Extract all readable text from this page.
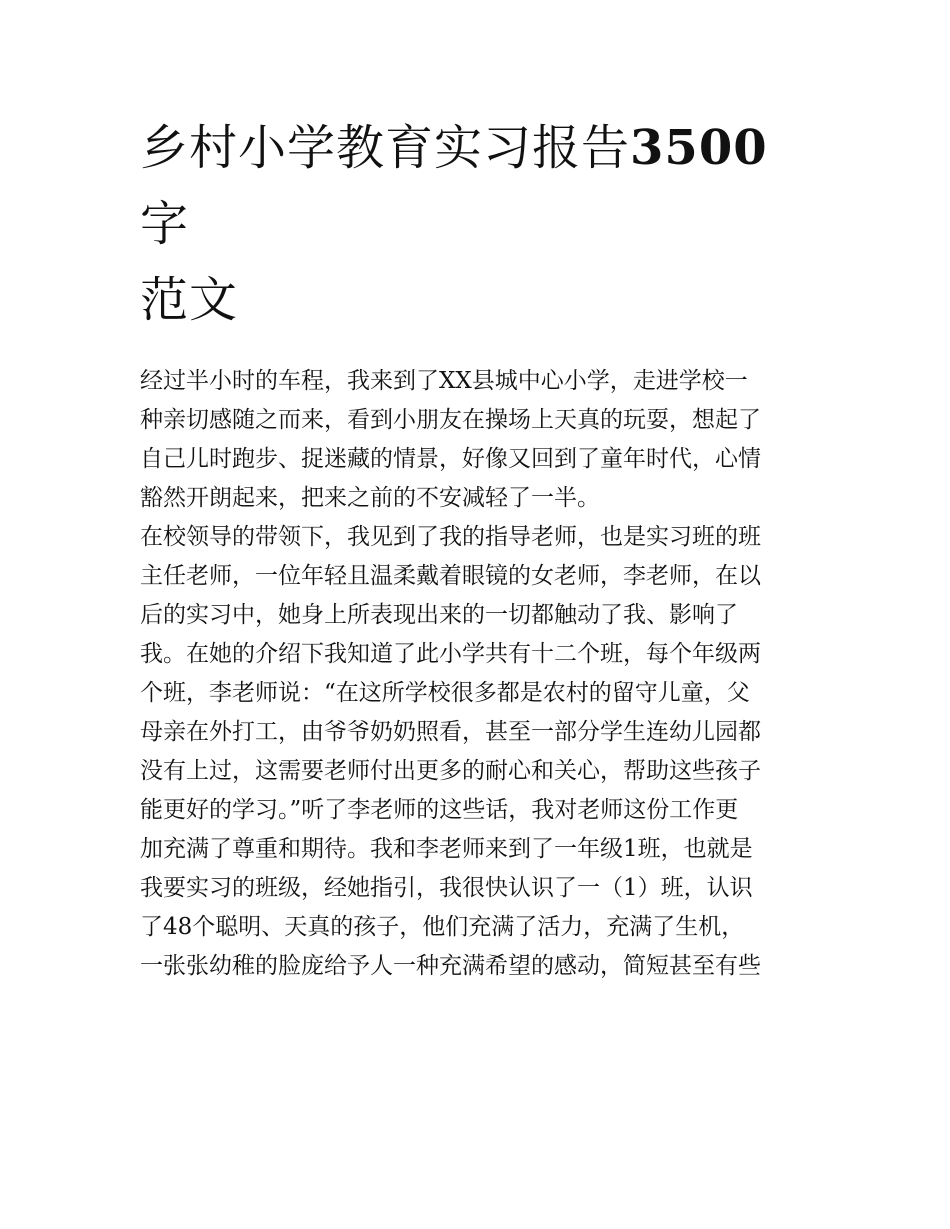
乡村小学教育实习报告3500字
范文
经过半小时的车程，我来到了XX县城中心小学，走进学校一
种亲切感随之而来，看到小朋友在操场上天真的玩耍，想起了
自己儿时跑步、捉迷藏的情景，好像又回到了童年时代，心情
豁然开朗起来，把来之前的不安减轻了一半。
在校领导的带领下，我见到了我的指导老师，也是实习班的班
主任老师，一位年轻且温柔戴着眼镜的女老师，李老师，在以
后的实习中，她身上所表现出来的一切都触动了我、影响了
我。在她的介绍下我知道了此小学共有十二个班，每个年级两
个班，李老师说：“在这所学校很多都是农村的留守儿童，父
母亲在外打工，由爷爷奶奶照看，甚至一部分学生连幼儿园都
没有上过，这需要老师付出更多的耐心和关心，帮助这些孩子
能更好的学习。”听了李老师的这些话，我对老师这份工作更
加充满了尊重和期待。我和李老师来到了一年级1班，也就是
我要实习的班级，经她指引，我很快认识了一（1）班，认识
了48个聪明、天真的孩子，他们充满了活力，充满了生机，
一张张幼稚的脸庞给予人一种充满希望的感动，简短甚至有些
